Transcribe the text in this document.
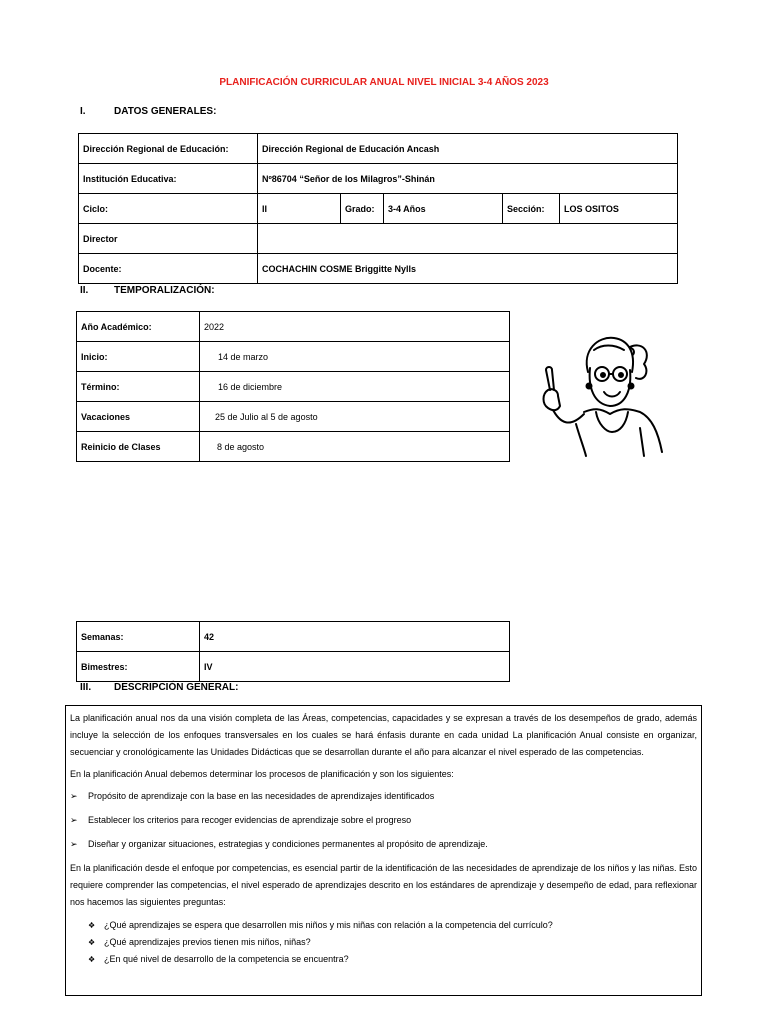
PLANIFICACIÓN CURRICULAR ANUAL NIVEL INICIAL 3-4 AÑOS 2023
I.	DATOS GENERALES:
Dirección Regional de Educación:	Dirección Regional de Educación Ancash				
Institución Educativa:	Nº86704 “Señor de los Milagros”-Shinán				
Ciclo:	II	Grado:	3-4 Años	Sección:	LOS OSITOS
Director					
Docente:	COCHACHIN COSME Briggitte Nylls				
II.	TEMPORALIZACIÓN:
Año Académico:	2022
Inicio:	14 de marzo
Término:	16 de diciembre
Vacaciones	25 de Julio al 5 de agosto
Reinicio de Clases	8 de agosto
Semanas:	42
Bimestres:	IV
III. DESCRIPCIÓN GENERAL:

La planificación anual nos da una visión completa de las Áreas, competencias, capacidades y se expresan a través de los desempeños de grado, además incluye la selección de los enfoques transversales en los cuales se hará énfasis durante en cada unidad La planificación Anual consiste en organizar, secuenciar y cronológicamente las Unidades Didácticas que se desarrollan durante el año para alcanzar el nivel esperado de las competencias.

En la planificación Anual debemos determinar los procesos de planificación y son los siguientes:

➢ Propósito de aprendizaje con la base en las necesidades de aprendizajes identificados
➢ Establecer los criterios para recoger evidencias de aprendizaje sobre el progreso
➢ Diseñar y organizar situaciones, estrategias y condiciones permanentes al propósito de aprendizaje.

En la planificación desde el enfoque por competencias, es esencial partir de la identificación de las necesidades de aprendizaje de los niños y las niñas. Esto requiere comprender las competencias, el nivel esperado de aprendizajes descrito en los estándares de aprendizaje y desempeño de edad, para reflexionar nos hacemos las siguientes preguntas:

❖ ¿Qué aprendizajes se espera que desarrollen mis niños y mis niñas con relación a la competencia del currículo?
❖ ¿Qué aprendizajes previos tienen mis niños, niñas?
❖ ¿En qué nivel de desarrollo de la competencia se encuentra?
